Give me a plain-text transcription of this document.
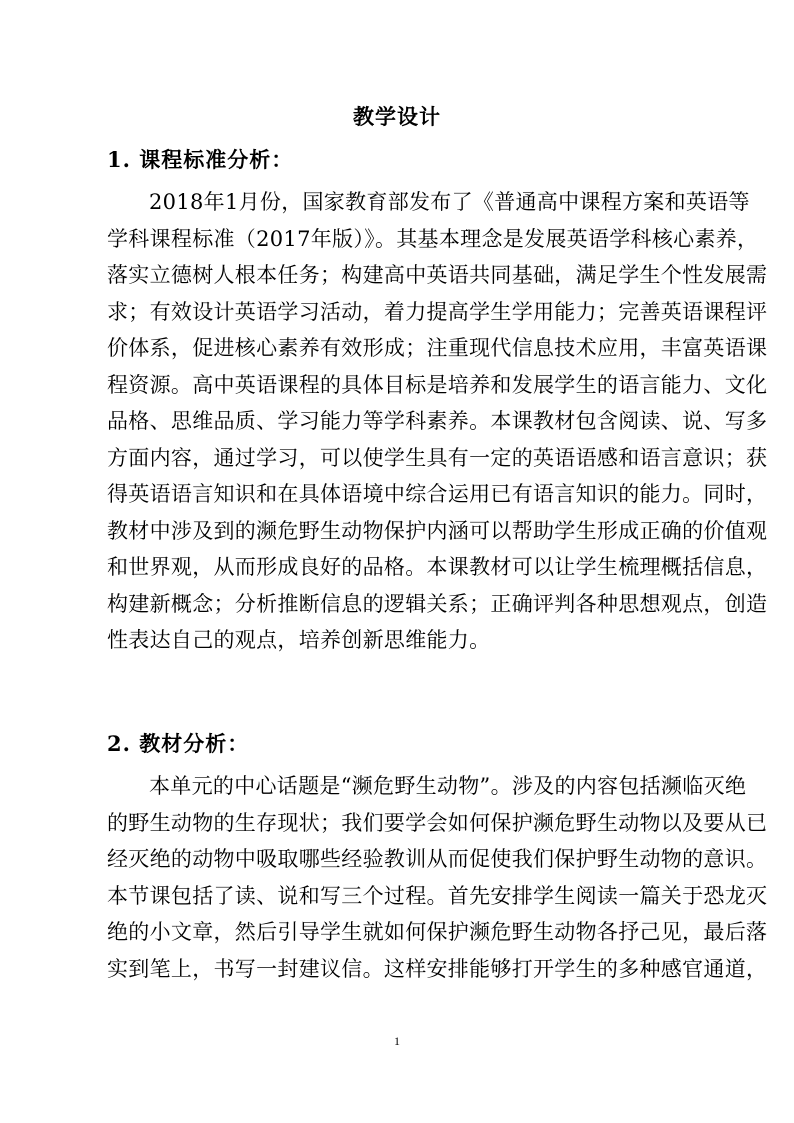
教学设计
1. 课程标准分析：
2018年1月份，国家教育部发布了《普通高中课程方案和英语等
学科课程标准（2017年版）》。其基本理念是发展英语学科核心素养，
落实立德树人根本任务；构建高中英语共同基础，满足学生个性发展需
求；有效设计英语学习活动，着力提高学生学用能力；完善英语课程评
价体系，促进核心素养有效形成；注重现代信息技术应用，丰富英语课
程资源。高中英语课程的具体目标是培养和发展学生的语言能力、文化
品格、思维品质、学习能力等学科素养。本课教材包含阅读、说、写多
方面内容，通过学习，可以使学生具有一定的英语语感和语言意识；获
得英语语言知识和在具体语境中综合运用已有语言知识的能力。同时，
教材中涉及到的濒危野生动物保护内涵可以帮助学生形成正确的价值观
和世界观，从而形成良好的品格。本课教材可以让学生梳理概括信息，
构建新概念；分析推断信息的逻辑关系；正确评判各种思想观点，创造
性表达自己的观点，培养创新思维能力。
2. 教材分析：
本单元的中心话题是“濒危野生动物”。涉及的内容包括濒临灭绝
的野生动物的生存现状；我们要学会如何保护濒危野生动物以及要从已
经灭绝的动物中吸取哪些经验教训从而促使我们保护野生动物的意识。
本节课包括了读、说和写三个过程。首先安排学生阅读一篇关于恐龙灭
绝的小文章，然后引导学生就如何保护濒危野生动物各抒己见，最后落
实到笔上，书写一封建议信。这样安排能够打开学生的多种感官通道，
1
